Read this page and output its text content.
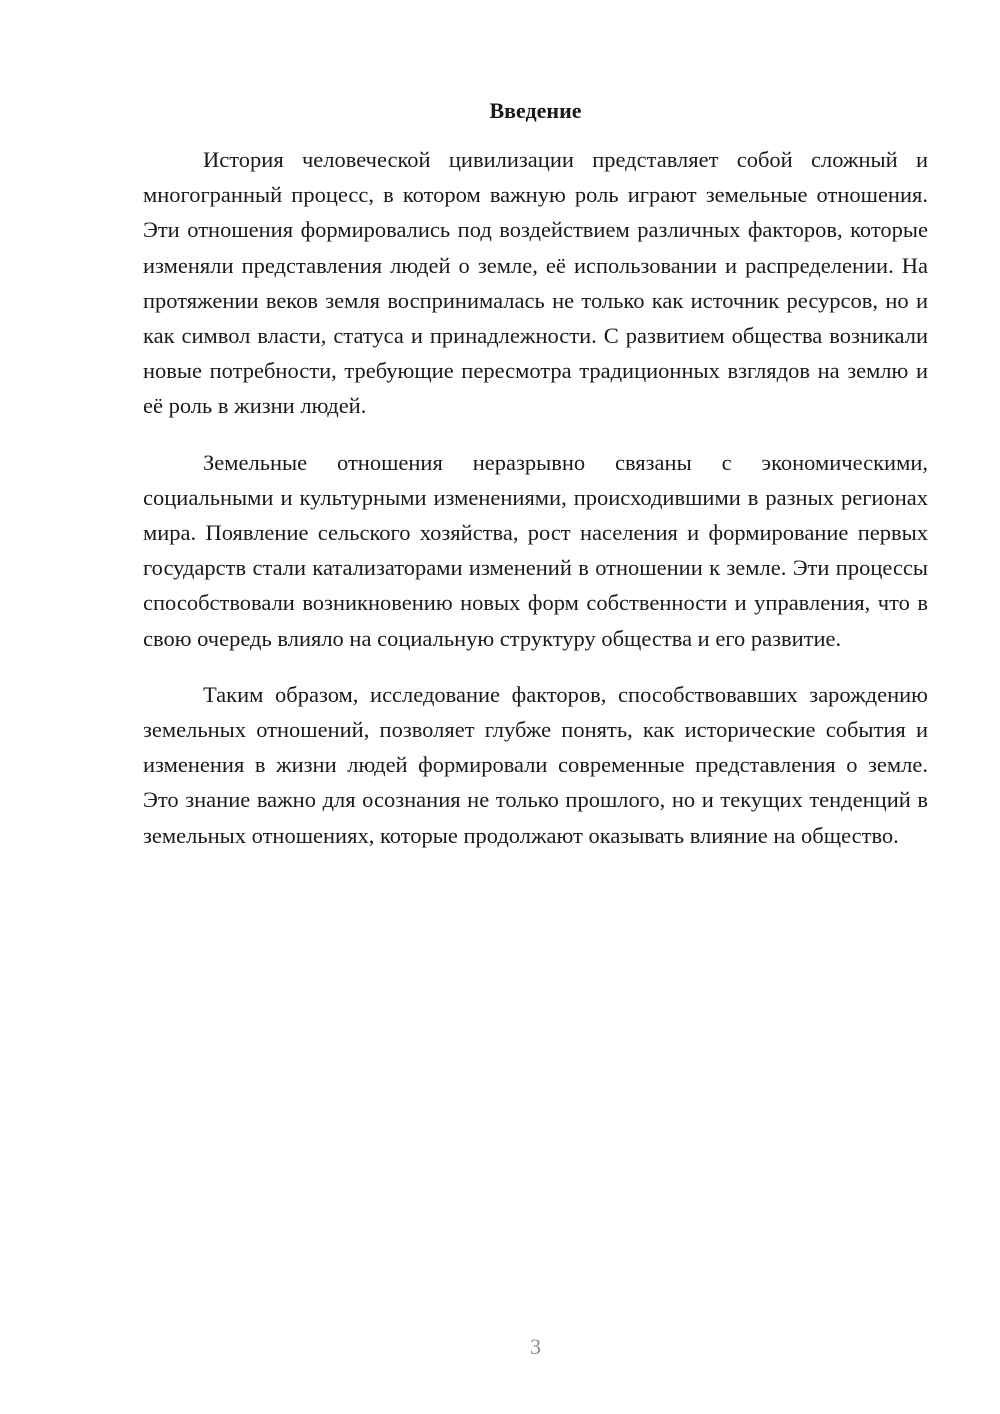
Введение

История человеческой цивилизации представляет собой сложный и многогранный процесс, в котором важную роль играют земельные отношения. Эти отношения формировались под воздействием различных факторов, которые изменяли представления людей о земле, её использовании и распределении. На протяжении веков земля воспринималась не только как источник ресурсов, но и как символ власти, статуса и принадлежности. С развитием общества возникали новые потребности, требующие пересмотра традиционных взглядов на землю и её роль в жизни людей.

Земельные отношения неразрывно связаны с экономическими, социальными и культурными изменениями, происходившими в разных регионах мира. Появление сельского хозяйства, рост населения и формирование первых государств стали катализаторами изменений в отношении к земле. Эти процессы способствовали возникновению новых форм собственности и управления, что в свою очередь влияло на социальную структуру общества и его развитие.

Таким образом, исследование факторов, способствовавших зарождению земельных отношений, позволяет глубже понять, как исторические события и изменения в жизни людей формировали современные представления о земле. Это знание важно для осознания не только прошлого, но и текущих тенденций в земельных отношениях, которые продолжают оказывать влияние на общество.

3
